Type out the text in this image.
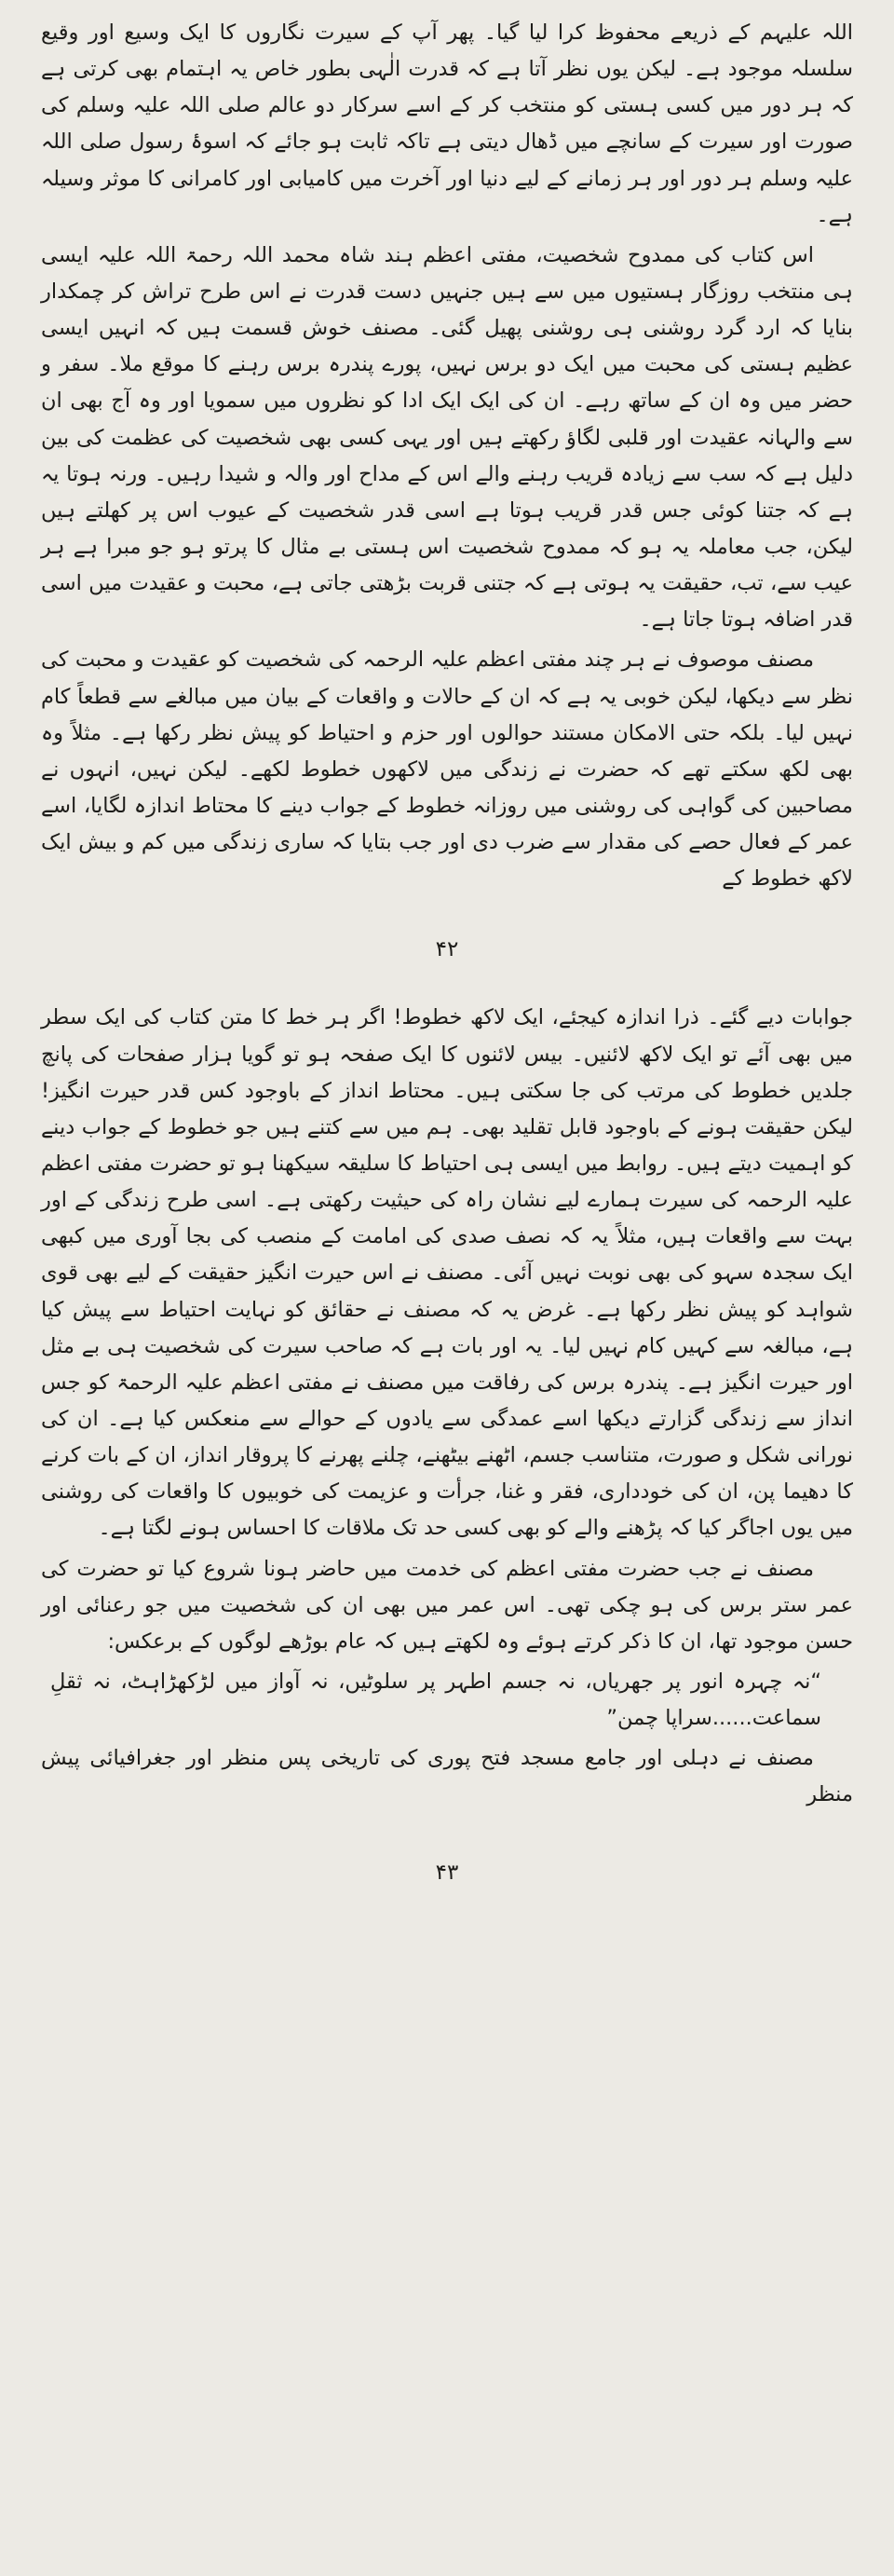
اللہ علیہم کے ذریعے محفوظ کرا لیا گیا۔ پھر آپ کے سیرت نگاروں کا ایک وسیع اور وقیع سلسلہ موجود ہے۔ لیکن یوں نظر آتا ہے کہ قدرت الٰہی بطور خاص یہ اہتمام بھی کرتی ہے کہ ہر دور میں کسی ہستی کو منتخب کر کے اسے سرکار دو عالم صلی اللہ علیہ وسلم کی صورت اور سیرت کے سانچے میں ڈھال دیتی ہے تاکہ ثابت ہو جائے کہ اسوۂ رسول صلی اللہ علیہ وسلم ہر دور اور ہر زمانے کے لیے دنیا اور آخرت میں کامیابی اور کامرانی کا موثر وسیلہ ہے۔

اس کتاب کی ممدوح شخصیت، مفتی اعظم ہند شاہ محمد اللہ رحمۃ اللہ علیہ ایسی ہی منتخب روزگار ہستیوں میں سے ہیں جنہیں دست قدرت نے اس طرح تراش کر چمکدار بنایا کہ ارد گرد روشنی ہی روشنی پھیل گئی۔ مصنف خوش قسمت ہیں کہ انہیں ایسی عظیم ہستی کی محبت میں ایک دو برس نہیں، پورے پندرہ برس رہنے کا موقع ملا۔ سفر و حضر میں وہ ان کے ساتھ رہے۔ ان کی ایک ایک ادا کو نظروں میں سمویا اور وہ آج بھی ان سے والہانہ عقیدت اور قلبی لگاؤ رکھتے ہیں اور یہی کسی بھی شخصیت کی عظمت کی بین دلیل ہے کہ سب سے زیادہ قریب رہنے والے اس کے مداح اور والہ و شیدا رہیں۔ ورنہ ہوتا یہ ہے کہ جتنا کوئی جس قدر قریب ہوتا ہے اسی قدر شخصیت کے عیوب اس پر کھلتے ہیں لیکن، جب معاملہ یہ ہو کہ ممدوح شخصیت اس ہستی بے مثال کا پرتو ہو جو مبرا ہے ہر عیب سے، تب، حقیقت یہ ہوتی ہے کہ جتنی قربت بڑھتی جاتی ہے، محبت و عقیدت میں اسی قدر اضافہ ہوتا جاتا ہے۔

مصنف موصوف نے ہر چند مفتی اعظم علیہ الرحمہ کی شخصیت کو عقیدت و محبت کی نظر سے دیکھا، لیکن خوبی یہ ہے کہ ان کے حالات و واقعات کے بیان میں مبالغے سے قطعاً کام نہیں لیا۔ بلکہ حتی الامکان مستند حوالوں اور حزم و احتیاط کو پیش نظر رکھا ہے۔ مثلاً وہ بھی لکھ سکتے تھے کہ حضرت نے زندگی میں لاکھوں خطوط لکھے۔ لیکن نہیں، انہوں نے مصاحبین کی گواہی کی روشنی میں روزانہ خطوط کے جواب دینے کا محتاط اندازہ لگایا، اسے عمر کے فعال حصے کی مقدار سے ضرب دی اور جب بتایا کہ ساری زندگی میں کم و بیش ایک لاکھ خطوط کے

۴۲

جوابات دیے گئے۔ ذرا اندازہ کیجئے، ایک لاکھ خطوط! اگر ہر خط کا متن کتاب کی ایک سطر میں بھی آئے تو ایک لاکھ لائنیں۔ بیس لائنوں کا ایک صفحہ ہو تو گویا ہزار صفحات کی پانچ جلدیں خطوط کی مرتب کی جا سکتی ہیں۔ محتاط انداز کے باوجود کس قدر حیرت انگیز! لیکن حقیقت ہونے کے باوجود قابل تقلید بھی۔ ہم میں سے کتنے ہیں جو خطوط کے جواب دینے کو اہمیت دیتے ہیں۔ روابط میں ایسی ہی احتیاط کا سلیقہ سیکھنا ہو تو حضرت مفتی اعظم علیہ الرحمہ کی سیرت ہمارے لیے نشان راہ کی حیثیت رکھتی ہے۔ اسی طرح زندگی کے اور بہت سے واقعات ہیں، مثلاً یہ کہ نصف صدی کی امامت کے منصب کی بجا آوری میں کبھی ایک سجدہ سہو کی بھی نوبت نہیں آئی۔ مصنف نے اس حیرت انگیز حقیقت کے لیے بھی قوی شواہد کو پیش نظر رکھا ہے۔ غرض یہ کہ مصنف نے حقائق کو نہایت احتیاط سے پیش کیا ہے، مبالغہ سے کہیں کام نہیں لیا۔ یہ اور بات ہے کہ صاحب سیرت کی شخصیت ہی بے مثل اور حیرت انگیز ہے۔ پندرہ برس کی رفاقت میں مصنف نے مفتی اعظم علیہ الرحمۃ کو جس انداز سے زندگی گزارتے دیکھا اسے عمدگی سے یادوں کے حوالے سے منعکس کیا ہے۔ ان کی نورانی شکل و صورت، متناسب جسم، اٹھنے بیٹھنے، چلنے پھرنے کا پروقار انداز، ان کے بات کرنے کا دھیما پن، ان کی خودداری، فقر و غنا، جرأت و عزیمت کی خوبیوں کا واقعات کی روشنی میں یوں اجاگر کیا کہ پڑھنے والے کو بھی کسی حد تک ملاقات کا احساس ہونے لگتا ہے۔

مصنف نے جب حضرت مفتی اعظم کی خدمت میں حاضر ہونا شروع کیا تو حضرت کی عمر ستر برس کی ہو چکی تھی۔ اس عمر میں بھی ان کی شخصیت میں جو رعنائی اور حسن موجود تھا، ان کا ذکر کرتے ہوئے وہ لکھتے ہیں کہ عام بوڑھے لوگوں کے برعکس:

“نہ چہرہ انور پر جھریاں، نہ جسم اطہر پر سلوٹیں، نہ آواز میں لڑکھڑاہٹ، نہ ثقلِ سماعت......سراپا چمن”

مصنف نے دہلی اور جامع مسجد فتح پوری کی تاریخی پس منظر اور جغرافیائی پیش منظر

۴۳
